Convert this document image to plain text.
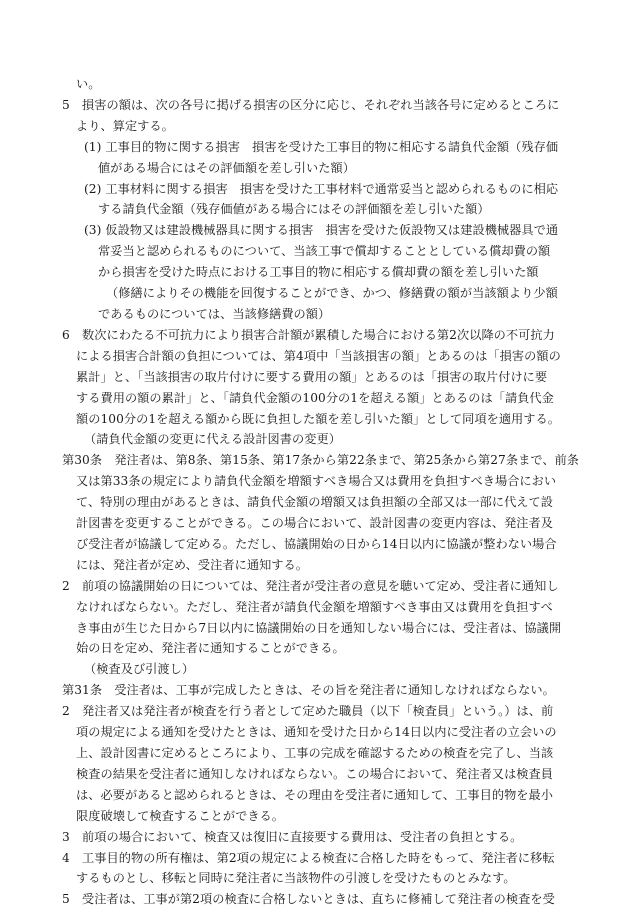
い。
5　損害の額は、次の各号に掲げる損害の区分に応じ、それぞれ当該各号に定めるところに
より、算定する。
(1) 工事目的物に関する損害　損害を受けた工事目的物に相応する請負代金額（残存価
値がある場合にはその評価額を差し引いた額）
(2) 工事材料に関する損害　損害を受けた工事材料で通常妥当と認められるものに相応
する請負代金額（残存価値がある場合にはその評価額を差し引いた額）
(3) 仮設物又は建設機械器具に関する損害　損害を受けた仮設物又は建設機械器具で通
常妥当と認められるものについて、当該工事で償却することとしている償却費の額
から損害を受けた時点における工事目的物に相応する償却費の額を差し引いた額
（修繕によりその機能を回復することができ、かつ、修繕費の額が当該額より少額
であるものについては、当該修繕費の額）
6　数次にわたる不可抗力により損害合計額が累積した場合における第2次以降の不可抗力
による損害合計額の負担については、第4項中「当該損害の額」とあるのは「損害の額の
累計」と、「当該損害の取片付けに要する費用の額」とあるのは「損害の取片付けに要
する費用の額の累計」と、「請負代金額の100分の1を超える額」とあるのは「請負代金
額の100分の1を超える額から既に負担した額を差し引いた額」として同項を適用する。
（請負代金額の変更に代える設計図書の変更）
第30条　発注者は、第8条、第15条、第17条から第22条まで、第25条から第27条まで、前条
又は第33条の規定により請負代金額を増額すべき場合又は費用を負担すべき場合におい
て、特別の理由があるときは、請負代金額の増額又は負担額の全部又は一部に代えて設
計図書を変更することができる。この場合において、設計図書の変更内容は、発注者及
び受注者が協議して定める。ただし、協議開始の日から14日以内に協議が整わない場合
には、発注者が定め、受注者に通知する。
2　前項の協議開始の日については、発注者が受注者の意見を聴いて定め、受注者に通知し
なければならない。ただし、発注者が請負代金額を増額すべき事由又は費用を負担すべ
き事由が生じた日から7日以内に協議開始の日を通知しない場合には、受注者は、協議開
始の日を定め、発注者に通知することができる。
（検査及び引渡し）
第31条　受注者は、工事が完成したときは、その旨を発注者に通知しなければならない。
2　発注者又は発注者が検査を行う者として定めた職員（以下「検査員」という。）は、前
項の規定による通知を受けたときは、通知を受けた日から14日以内に受注者の立会いの
上、設計図書に定めるところにより、工事の完成を確認するための検査を完了し、当該
検査の結果を受注者に通知しなければならない。この場合において、発注者又は検査員
は、必要があると認められるときは、その理由を受注者に通知して、工事目的物を最小
限度破壊して検査することができる。
3　前項の場合において、検査又は復旧に直接要する費用は、受注者の負担とする。
4　工事目的物の所有権は、第2項の規定による検査に合格した時をもって、発注者に移転
するものとし、移転と同時に発注者に当該物件の引渡しを受けたものとみなす。
5　受注者は、工事が第2項の検査に合格しないときは、直ちに修補して発注者の検査を受
